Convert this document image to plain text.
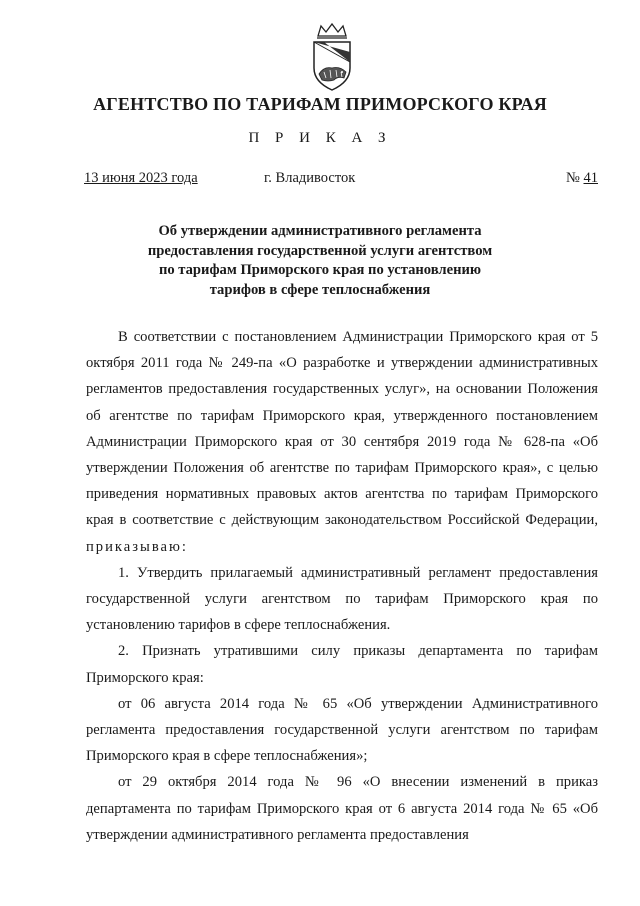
АГЕНТСТВО ПО ТАРИФАМ ПРИМОРСКОГО КРАЯ
П Р И К А З
13 июня 2023 года	г. Владивосток	№ 41
Об утверждении административного регламента
предоставления государственной услуги агентством
по тарифам Приморского края по установлению
тарифов в сфере теплоснабжения

В соответствии с постановлением Администрации Приморского края от 5 октября 2011 года № 249-па «О разработке и утверждении административных регламентов предоставления государственных услуг», на основании Положения об агентстве по тарифам Приморского края, утвержденного постановлением Администрации Приморского края от 30 сентября 2019 года № 628-па «Об утверждении Положения об агентстве по тарифам Приморского края», с целью приведения нормативных правовых актов агентства по тарифам Приморского края в соответствие с действующим законодательством Российской Федерации, приказываю:

1. Утвердить прилагаемый административный регламент предоставления государственной услуги агентством по тарифам Приморского края по установлению тарифов в сфере теплоснабжения.

2. Признать утратившими силу приказы департамента по тарифам Приморского края:

от 06 августа 2014 года № 65 «Об утверждении Административного регламента предоставления государственной услуги агентством по тарифам Приморского края в сфере теплоснабжения»;

от 29 октября 2014 года № 96 «О внесении изменений в приказ департамента по тарифам Приморского края от 6 августа 2014 года № 65 «Об утверждении административного регламента предоставления
